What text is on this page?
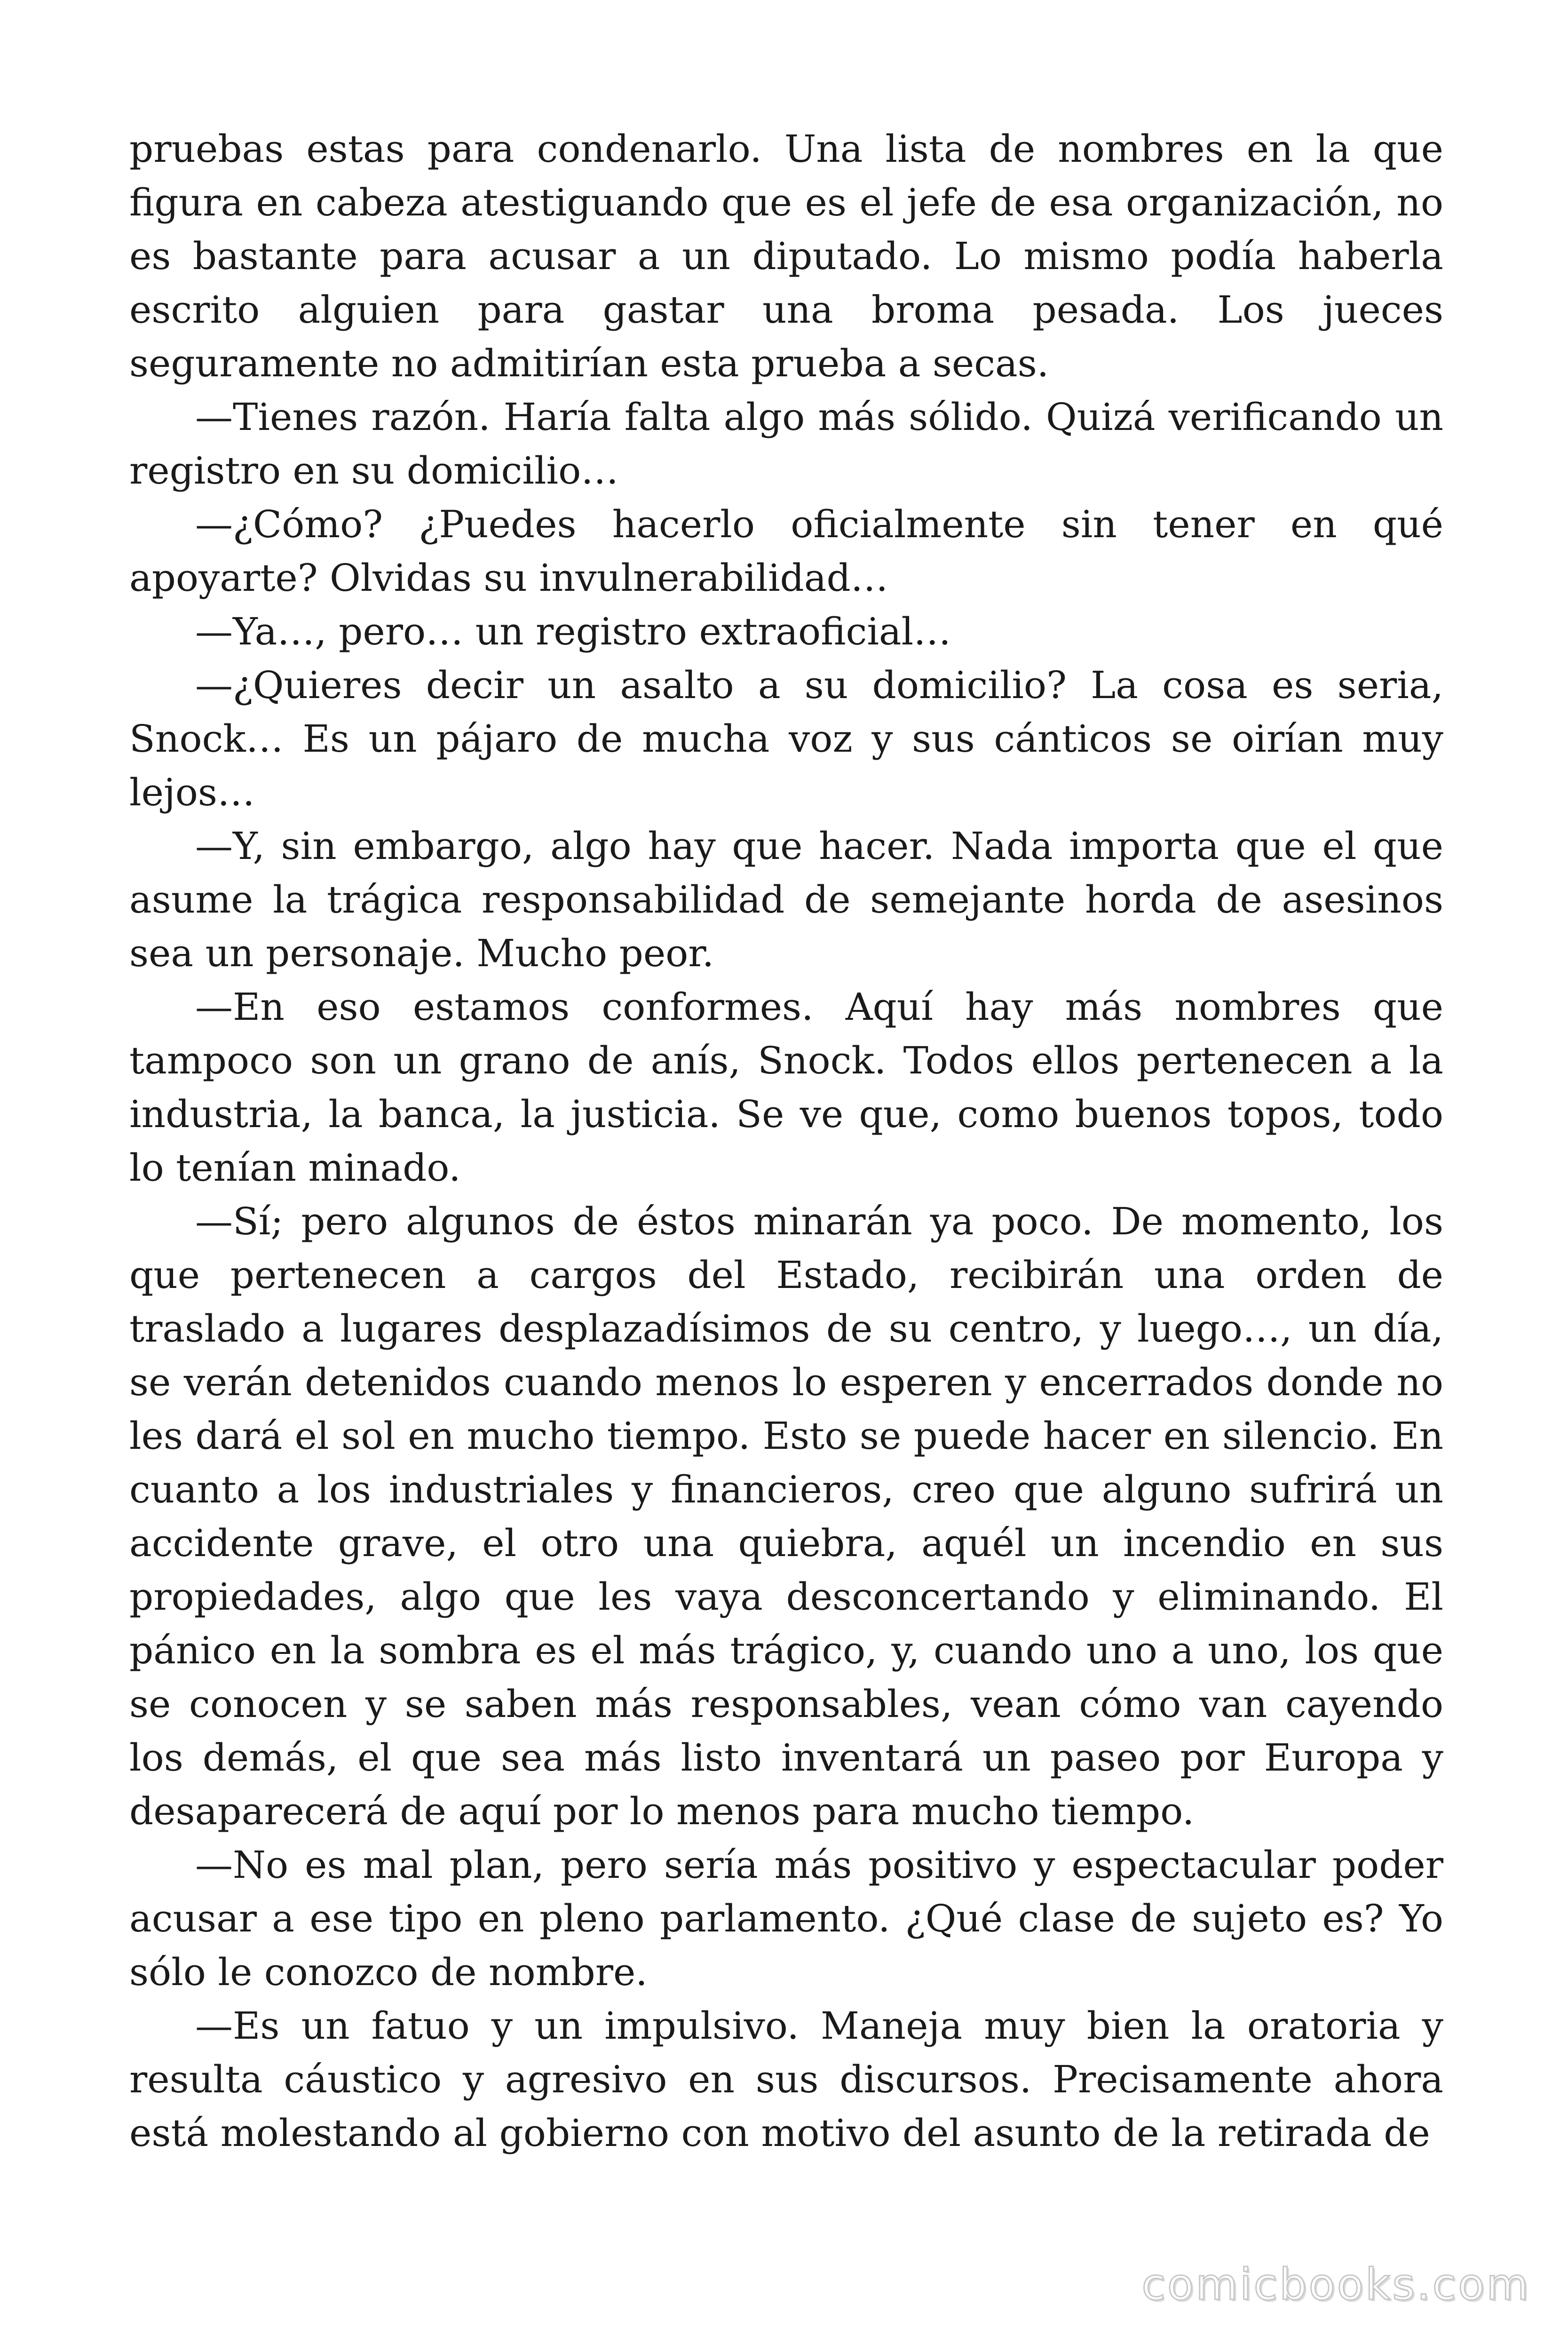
pruebas estas para condenarlo. Una lista de nombres en la que figura en cabeza atestiguando que es el jefe de esa organización, no es bastante para acusar a un diputado. Lo mismo podía haberla escrito alguien para gastar una broma pesada. Los jueces seguramente no admitirían esta prueba a secas.

—Tienes razón. Haría falta algo más sólido. Quizá verificando un registro en su domicilio…

—¿Cómo? ¿Puedes hacerlo oficialmente sin tener en qué apoyarte? Olvidas su invulnerabilidad…

—Ya…, pero… un registro extraoficial…

—¿Quieres decir un asalto a su domicilio? La cosa es seria, Snock… Es un pájaro de mucha voz y sus cánticos se oirían muy lejos…

—Y, sin embargo, algo hay que hacer. Nada importa que el que asume la trágica responsabilidad de semejante horda de asesinos sea un personaje. Mucho peor.

—En eso estamos conformes. Aquí hay más nombres que tampoco son un grano de anís, Snock. Todos ellos pertenecen a la industria, la banca, la justicia. Se ve que, como buenos topos, todo lo tenían minado.

—Sí; pero algunos de éstos minarán ya poco. De momento, los que pertenecen a cargos del Estado, recibirán una orden de traslado a lugares desplazadísimos de su centro, y luego…, un día, se verán detenidos cuando menos lo esperen y encerrados donde no les dará el sol en mucho tiempo. Esto se puede hacer en silencio. En cuanto a los industriales y financieros, creo que alguno sufrirá un accidente grave, el otro una quiebra, aquél un incendio en sus propiedades, algo que les vaya desconcertando y eliminando. El pánico en la sombra es el más trágico, y, cuando uno a uno, los que se conocen y se saben más responsables, vean cómo van cayendo los demás, el que sea más listo inventará un paseo por Europa y desaparecerá de aquí por lo menos para mucho tiempo.

—No es mal plan, pero sería más positivo y espectacular poder acusar a ese tipo en pleno parlamento. ¿Qué clase de sujeto es? Yo sólo le conozco de nombre.

—Es un fatuo y un impulsivo. Maneja muy bien la oratoria y resulta cáustico y agresivo en sus discursos. Precisamente ahora está molestando al gobierno con motivo del asunto de la retirada de

comicbooks.com
